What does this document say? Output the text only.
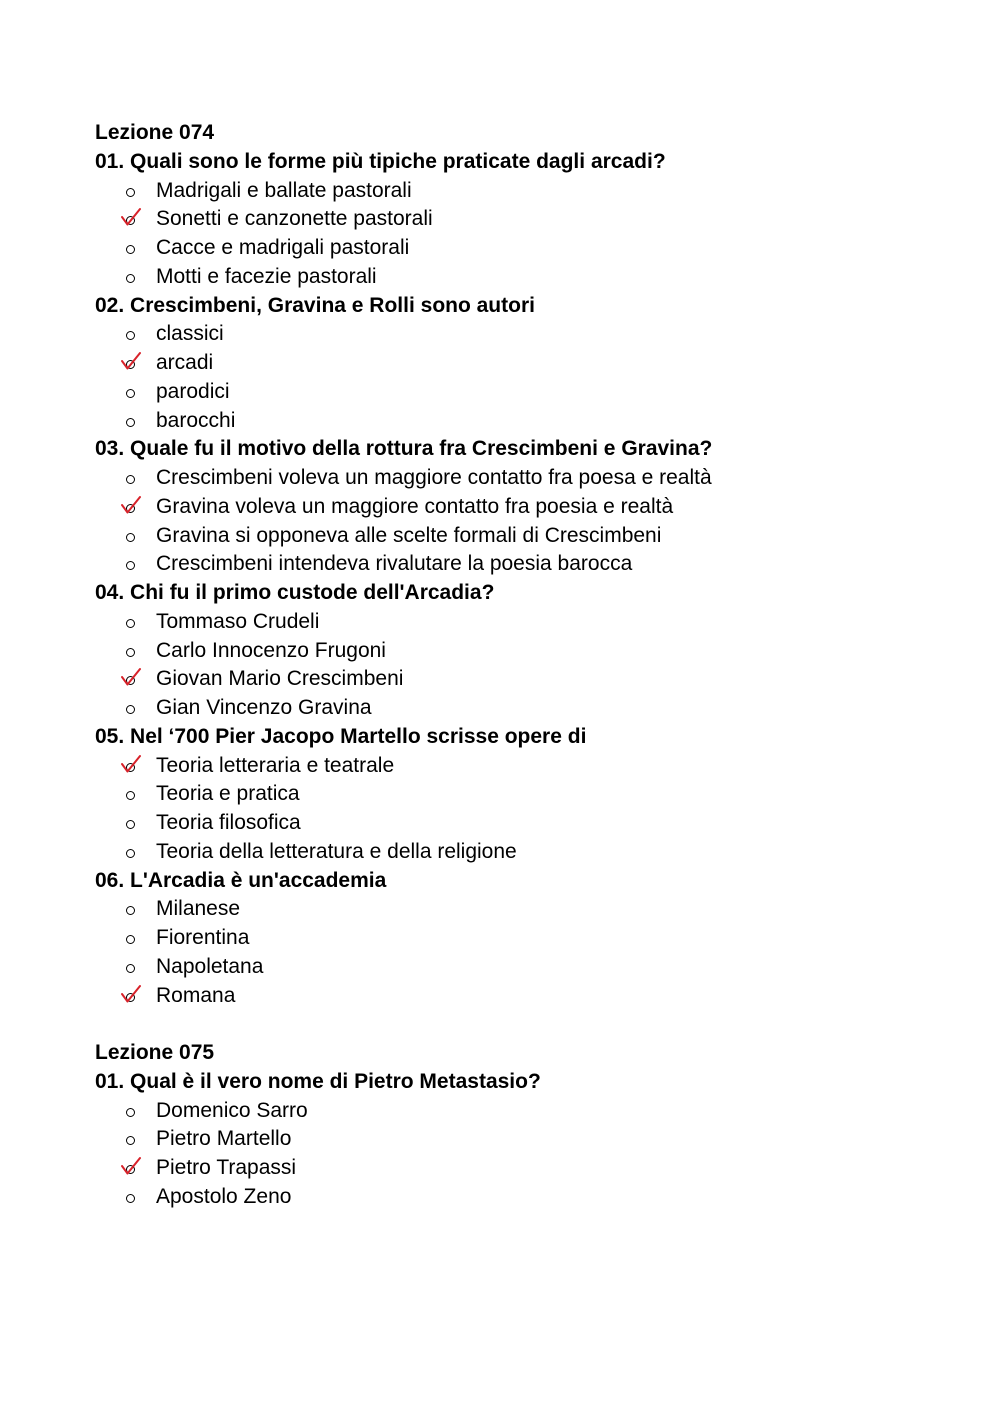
Lezione 074
01. Quali sono le forme più tipiche praticate dagli arcadi?
Madrigali e ballate pastorali
Sonetti e canzonette pastorali
Cacce e madrigali pastorali
Motti e facezie pastorali
02. Crescimbeni, Gravina e Rolli sono autori
classici
arcadi
parodici
barocchi
03. Quale fu il motivo della rottura fra Crescimbeni e Gravina?
Crescimbeni voleva un maggiore contatto fra poesa e realtà
Gravina voleva un maggiore contatto fra poesia e realtà
Gravina si opponeva alle scelte formali di Crescimbeni
Crescimbeni intendeva rivalutare la poesia barocca
04. Chi fu il primo custode dell'Arcadia?
Tommaso Crudeli
Carlo Innocenzo Frugoni
Giovan Mario Crescimbeni
Gian Vincenzo Gravina
05. Nel ‘700 Pier Jacopo Martello scrisse opere di
Teoria letteraria e teatrale
Teoria e pratica
Teoria filosofica
Teoria della letteratura e della religione
06. L'Arcadia è un'accademia
Milanese
Fiorentina
Napoletana
Romana
Lezione 075
01. Qual è il vero nome di Pietro Metastasio?
Domenico Sarro
Pietro Martello
Pietro Trapassi
Apostolo Zeno
